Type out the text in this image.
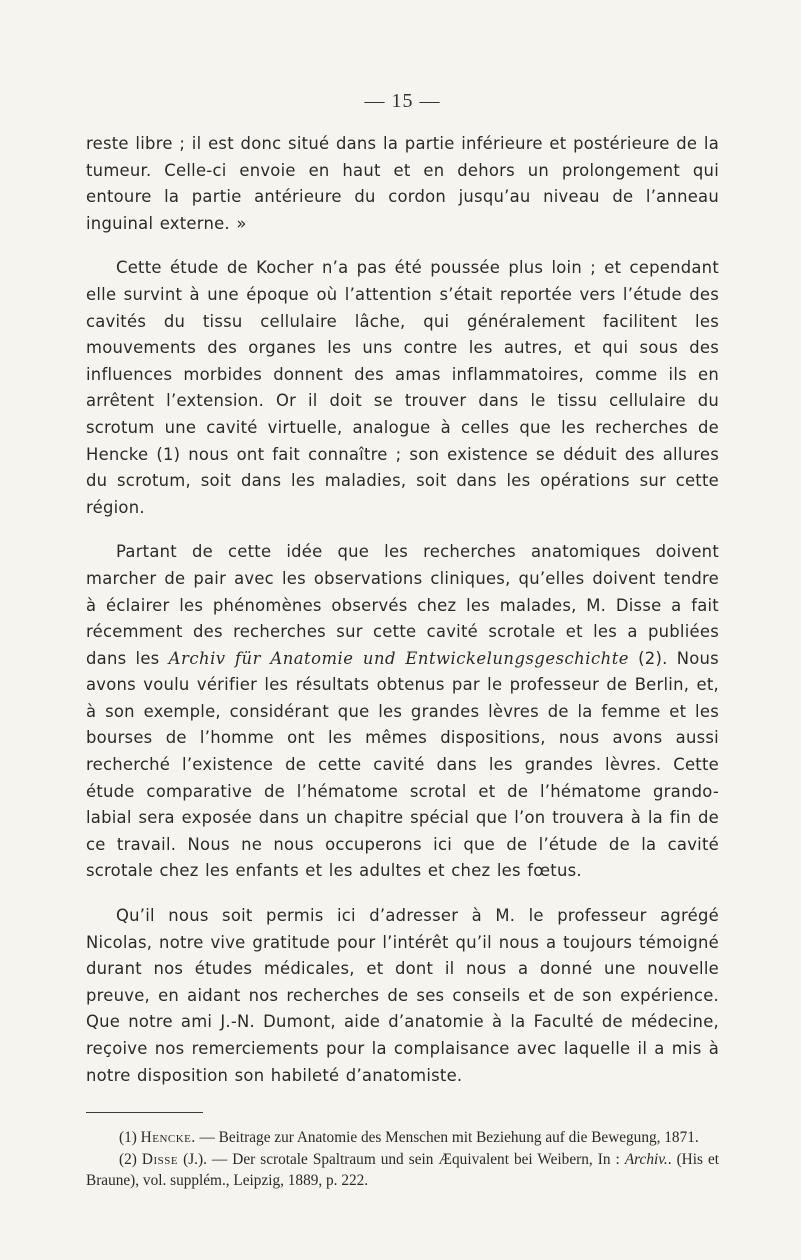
— 15 —

reste libre ; il est donc situé dans la partie inférieure et postérieure de la tumeur. Celle-ci envoie en haut et en dehors un prolongement qui entoure la partie antérieure du cordon jusqu’au niveau de l’anneau inguinal externe. »

Cette étude de Kocher n’a pas été poussée plus loin ; et cependant elle survint à une époque où l’attention s’était reportée vers l’étude des cavités du tissu cellulaire lâche, qui généralement facilitent les mouvements des organes les uns contre les autres, et qui sous des influences morbides donnent des amas inflammatoires, comme ils en arrêtent l’extension. Or il doit se trouver dans le tissu cellulaire du scrotum une cavité virtuelle, analogue à celles que les recherches de Hencke (1) nous ont fait connaître ; son existence se déduit des allures du scrotum, soit dans les maladies, soit dans les opérations sur cette région.

Partant de cette idée que les recherches anatomiques doivent marcher de pair avec les observations cliniques, qu’elles doivent tendre à éclairer les phénomènes observés chez les malades, M. Disse a fait récemment des recherches sur cette cavité scrotale et les a publiées dans les Archiv für Anatomie und Entwickelungsgeschichte (2). Nous avons voulu vérifier les résultats obtenus par le professeur de Berlin, et, à son exemple, considérant que les grandes lèvres de la femme et les bourses de l’homme ont les mêmes dispositions, nous avons aussi recherché l’existence de cette cavité dans les grandes lèvres. Cette étude comparative de l’hématome scrotal et de l’hématome grando-labial sera exposée dans un chapitre spécial que l’on trouvera à la fin de ce travail. Nous ne nous occuperons ici que de l’étude de la cavité scrotale chez les enfants et les adultes et chez les fœtus.

Qu’il nous soit permis ici d’adresser à M. le professeur agrégé Nicolas, notre vive gratitude pour l’intérêt qu’il nous a toujours témoigné durant nos études médicales, et dont il nous a donné une nouvelle preuve, en aidant nos recherches de ses conseils et de son expérience. Que notre ami J.-N. Dumont, aide d’anatomie à la Faculté de médecine, reçoive nos remerciements pour la complaisance avec laquelle il a mis à notre disposition son habileté d’anatomiste.

(1) Hencke. — Beitrage zur Anatomie des Menschen mit Beziehung auf die Bewegung, 1871.

(2) Disse (J.). — Der scrotale Spaltraum und sein Æquivalent bei Weibern, In : Archiv.. (His et Braune), vol. supplém., Leipzig, 1889, p. 222.
